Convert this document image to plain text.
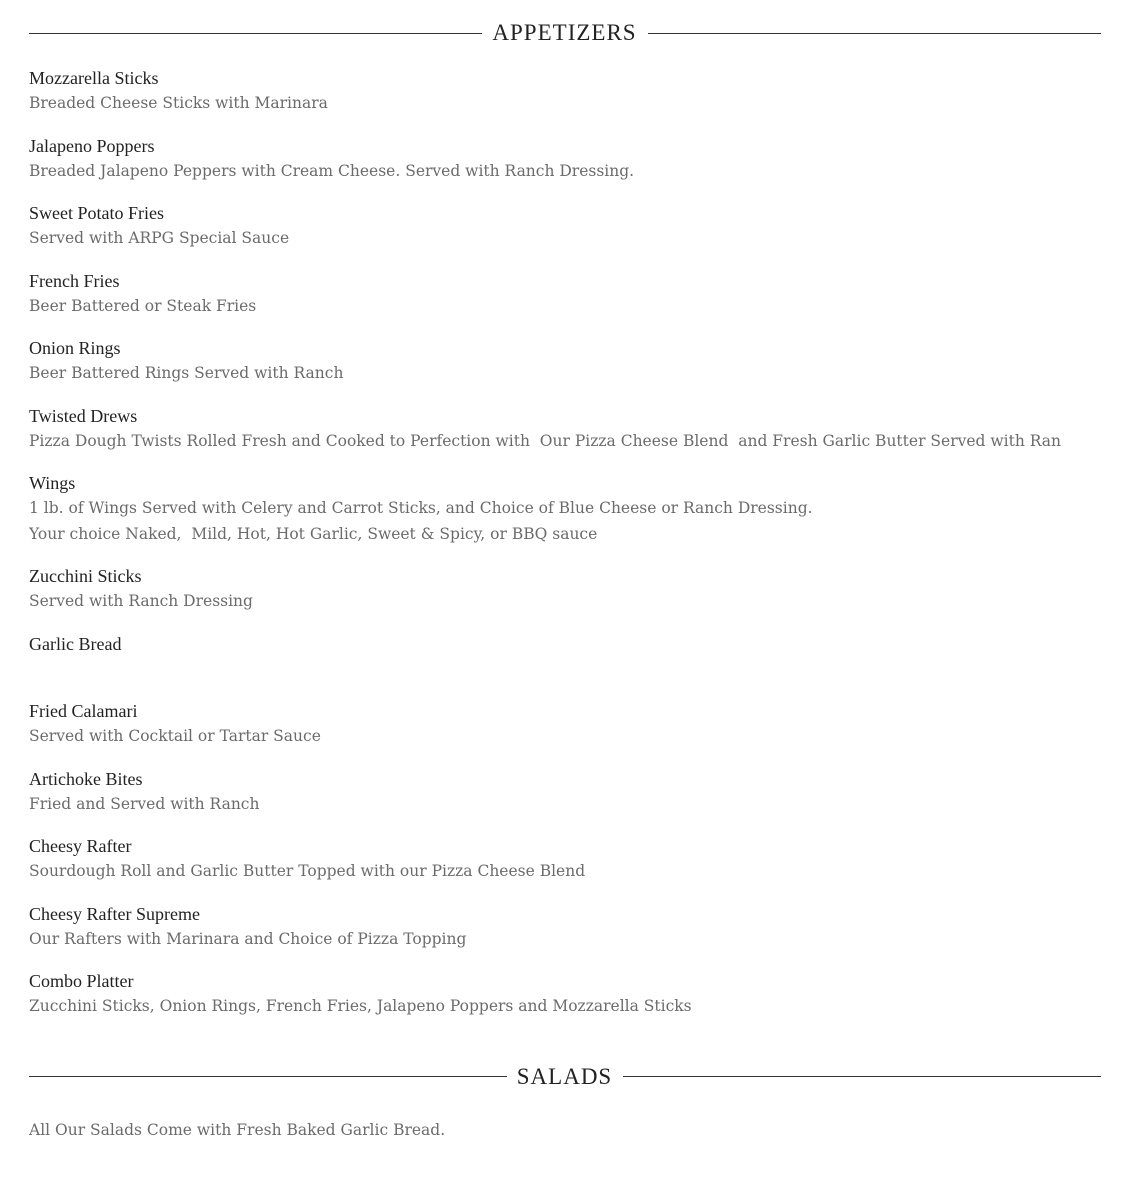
APPETIZERS
Mozzarella Sticks
Breaded Cheese Sticks with Marinara
Jalapeno Poppers
Breaded Jalapeno Peppers with Cream Cheese. Served with Ranch Dressing.
Sweet Potato Fries
Served with ARPG Special Sauce
French Fries
Beer Battered or Steak Fries
Onion Rings
Beer Battered Rings Served with Ranch
Twisted Drews
Pizza Dough Twists Rolled Fresh and Cooked to Perfection with  Our Pizza Cheese Blend  and Fresh Garlic Butter Served with Ran
Wings
1 lb. of Wings Served with Celery and Carrot Sticks, and Choice of Blue Cheese or Ranch Dressing.
Your choice Naked,  Mild, Hot, Hot Garlic, Sweet & Spicy, or BBQ sauce
Zucchini Sticks
Served with Ranch Dressing
Garlic Bread
Fried Calamari
Served with Cocktail or Tartar Sauce
Artichoke Bites
Fried and Served with Ranch
Cheesy Rafter
Sourdough Roll and Garlic Butter Topped with our Pizza Cheese Blend
Cheesy Rafter Supreme
Our Rafters with Marinara and Choice of Pizza Topping
Combo Platter
Zucchini Sticks, Onion Rings, French Fries, Jalapeno Poppers and Mozzarella Sticks
SALADS
All Our Salads Come with Fresh Baked Garlic Bread.
